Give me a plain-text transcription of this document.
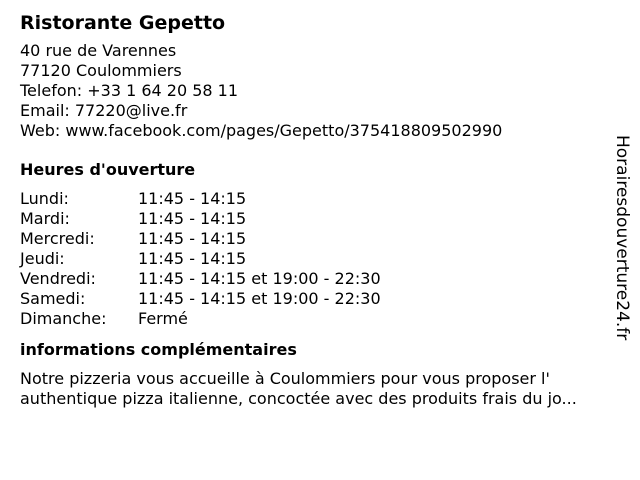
Ristorante Gepetto
40 rue de Varennes
77120 Coulommiers
Telefon: +33 1 64 20 58 11
Email: 77220@live.fr
Web: www.facebook.com/pages/Gepetto/375418809502990
Heures d'ouverture
Lundi:	11:45 - 14:15
Mardi:	11:45 - 14:15
Mercredi:	11:45 - 14:15
Jeudi:	11:45 - 14:15
Vendredi:	11:45 - 14:15 et 19:00 - 22:30
Samedi:	11:45 - 14:15 et 19:00 - 22:30
Dimanche:	Fermé
informations complémentaires
Notre pizzeria vous accueille à Coulommiers pour vous proposer l'
authentique pizza italienne, concoctée avec des produits frais du jo...
Horairesdouverture24.fr
